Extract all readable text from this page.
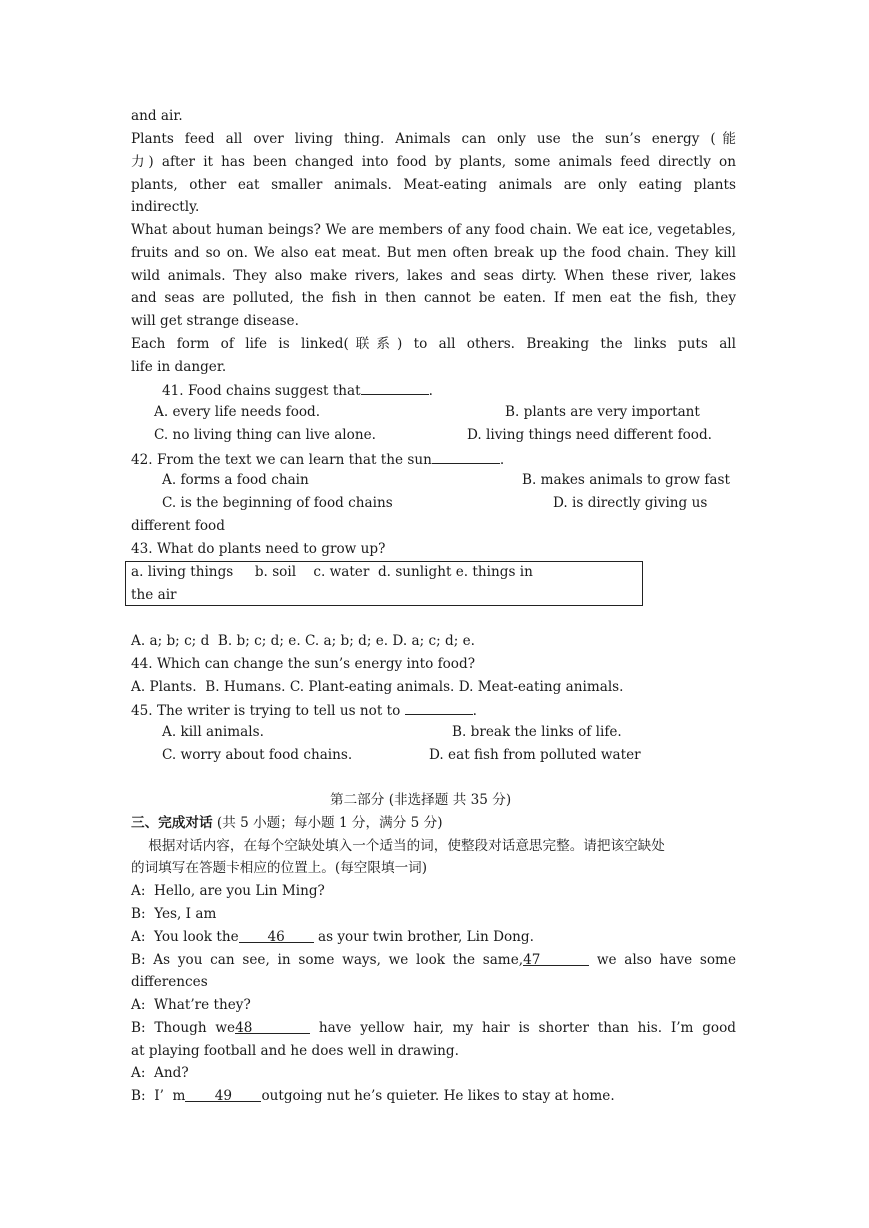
and air.
Plants feed all over living thing. Animals can only use the sun’s energy (能
力) after it has been changed into food by plants, some animals feed directly on
plants, other eat smaller animals. Meat-eating animals are only eating plants
indirectly.
What about human beings? We are members of any food chain. We eat ice, vegetables,
fruits and so on. We also eat meat. But men often break up the food chain. They kill
wild animals. They also make rivers, lakes and seas dirty. When these river, lakes
and seas are polluted, the fish in then cannot be eaten. If men eat the fish, they
will get strange disease.
Each form of life is linked(联系) to all others. Breaking the links puts all
life in danger.
41. Food chains suggest that	.
A. every life needs food.	B. plants are very important
C. no living thing can live alone.	D. living things need different food.
42. From the text we can learn that the sun	.
A. forms a food chain	B. makes animals to grow fast
C. is the beginning of food chains	D. is directly giving us
different food
43. What do plants need to grow up?
a. living things     b. soil    c. water  d. sunlight e. things in
the air
A. a; b; c; d  B. b; c; d; e. C. a; b; d; e. D. a; c; d; e.
44. Which can change the sun’s energy into food?
A. Plants.  B. Humans. C. Plant-eating animals. D. Meat-eating animals.
45. The writer is trying to tell us not to	.
A. kill animals.	B. break the links of life.
C. worry about food chains.	D. eat fish from polluted water
第二部分 (非选择题 共 35 分)
三、完成对话 (共 5 小题；每小题 1 分，满分 5 分)
根据对话内容，在每个空缺处填入一个适当的词，使整段对话意思完整。请把该空缺处
的词填写在答题卡相应的位置上。(每空限填一词)
A:  Hello, are you Lin Ming?
B:  Yes, I am
A:  You look the 46 as your twin brother, Lin Dong.
B: As you can see, in some ways, we look the same,47	we also have some
differences
A:  What’re they?
B: Though we48	have yellow hair, my hair is shorter than his. I’m good
at playing football and he does well in drawing.
A:  And?
B:  I’  m 49 outgoing nut he’s quieter. He likes to stay at home.
